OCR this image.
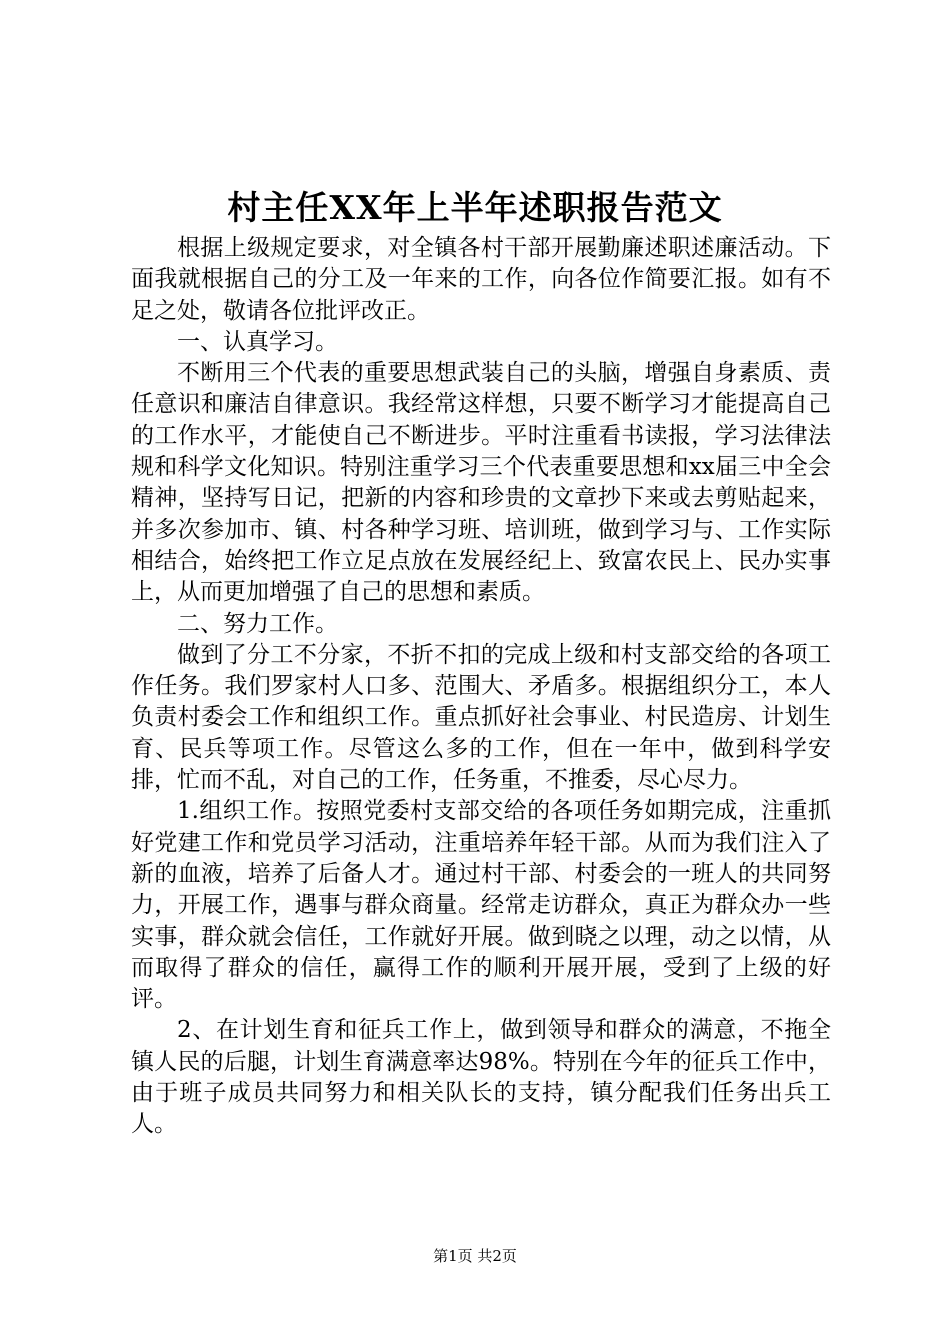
村主任XX年上半年述职报告范文

根据上级规定要求，对全镇各村干部开展勤廉述职述廉活动。下面我就根据自己的分工及一年来的工作，向各位作简要汇报。如有不足之处，敬请各位批评改正。

一、认真学习。

不断用三个代表的重要思想武装自己的头脑，增强自身素质、责任意识和廉洁自律意识。我经常这样想，只要不断学习才能提高自己的工作水平，才能使自己不断进步。平时注重看书读报，学习法律法规和科学文化知识。特别注重学习三个代表重要思想和xx届三中全会精神，坚持写日记，把新的内容和珍贵的文章抄下来或去剪贴起来，并多次参加市、镇、村各种学习班、培训班，做到学习与、工作实际相结合，始终把工作立足点放在发展经纪上、致富农民上、民办实事上，从而更加增强了自己的思想和素质。

二、努力工作。

做到了分工不分家，不折不扣的完成上级和村支部交给的各项工作任务。我们罗家村人口多、范围大、矛盾多。根据组织分工，本人负责村委会工作和组织工作。重点抓好社会事业、村民造房、计划生育、民兵等项工作。尽管这么多的工作，但在一年中，做到科学安排，忙而不乱，对自己的工作，任务重，不推委，尽心尽力。

1.组织工作。按照党委村支部交给的各项任务如期完成，注重抓好党建工作和党员学习活动，注重培养年轻干部。从而为我们注入了新的血液，培养了后备人才。通过村干部、村委会的一班人的共同努力，开展工作，遇事与群众商量。经常走访群众，真正为群众办一些实事，群众就会信任，工作就好开展。做到晓之以理，动之以情，从而取得了群众的信任，赢得工作的顺利开展开展，受到了上级的好评。

2、在计划生育和征兵工作上，做到领导和群众的满意，不拖全镇人民的后腿，计划生育满意率达98%。特别在今年的征兵工作中，由于班子成员共同努力和相关队长的支持，镇分配我们任务出兵工人。

第1页 共2页
